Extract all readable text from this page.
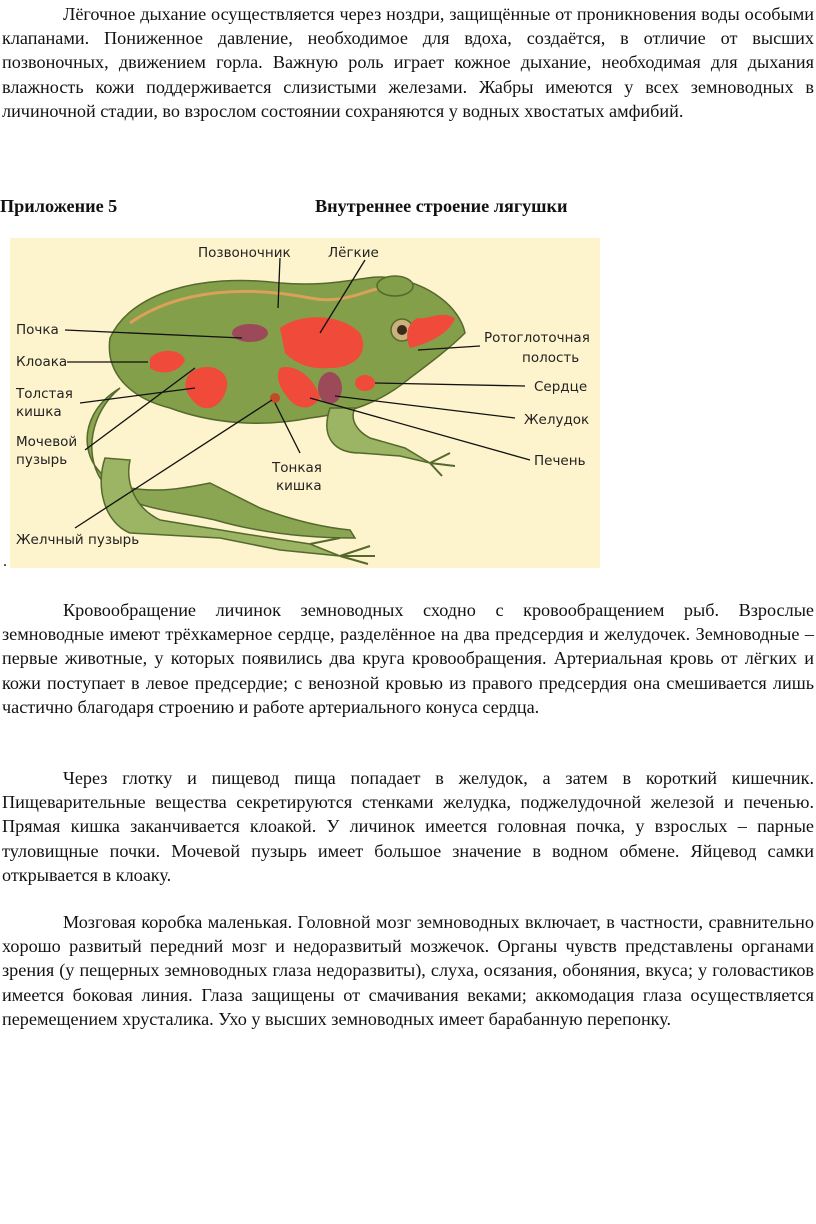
Лёгочное дыхание осуществляется через ноздри, защищённые от проникновения воды особыми клапанами. Пониженное давление, необходимое для вдоха, создаётся, в отличие от высших позвоночных, движением горла. Важную роль играет кожное дыхание, необходимая для дыхания влажность кожи поддерживается слизистыми железами. Жабры имеются у всех земноводных в личиночной стадии, во взрослом состоянии сохраняются у водных хвостатых амфибий.

Приложение 5	Внутреннее строение лягушки

Позвоночник	Лёгкие
Почка
Клоака
Толстая
кишка
Мочевой
пузырь	Тонкая
кишка
Желчный пузырь
Ротоглоточная
полость
Сердце
Желудок
Печень
.

Кровообращение личинок земноводных сходно с кровообращением рыб. Взрослые земноводные имеют трёхкамерное сердце, разделённое на два предсердия и желудочек. Земноводные – первые животные, у которых появились два круга кровообращения. Артериальная кровь от лёгких и кожи поступает в левое предсердие; с венозной кровью из правого предсердия она смешивается лишь частично благодаря строению и работе артериального конуса сердца.

Через глотку и пищевод пища попадает в желудок, а затем в короткий кишечник. Пищеварительные вещества секретируются стенками желудка, поджелудочной железой и печенью. Прямая кишка заканчивается клоакой. У личинок имеется головная почка, у взрослых – парные туловищные почки. Мочевой пузырь имеет большое значение в водном обмене. Яйцевод самки открывается в клоаку.

Мозговая коробка маленькая. Головной мозг земноводных включает, в частности, сравнительно хорошо развитый передний мозг и недоразвитый мозжечок. Органы чувств представлены органами зрения (у пещерных земноводных глаза недоразвиты), слуха, осязания, обоняния, вкуса; у головастиков имеется боковая линия. Глаза защищены от смачивания веками; аккомодация глаза осуществляется перемещением хрусталика. Ухо у высших земноводных имеет барабанную перепонку.
